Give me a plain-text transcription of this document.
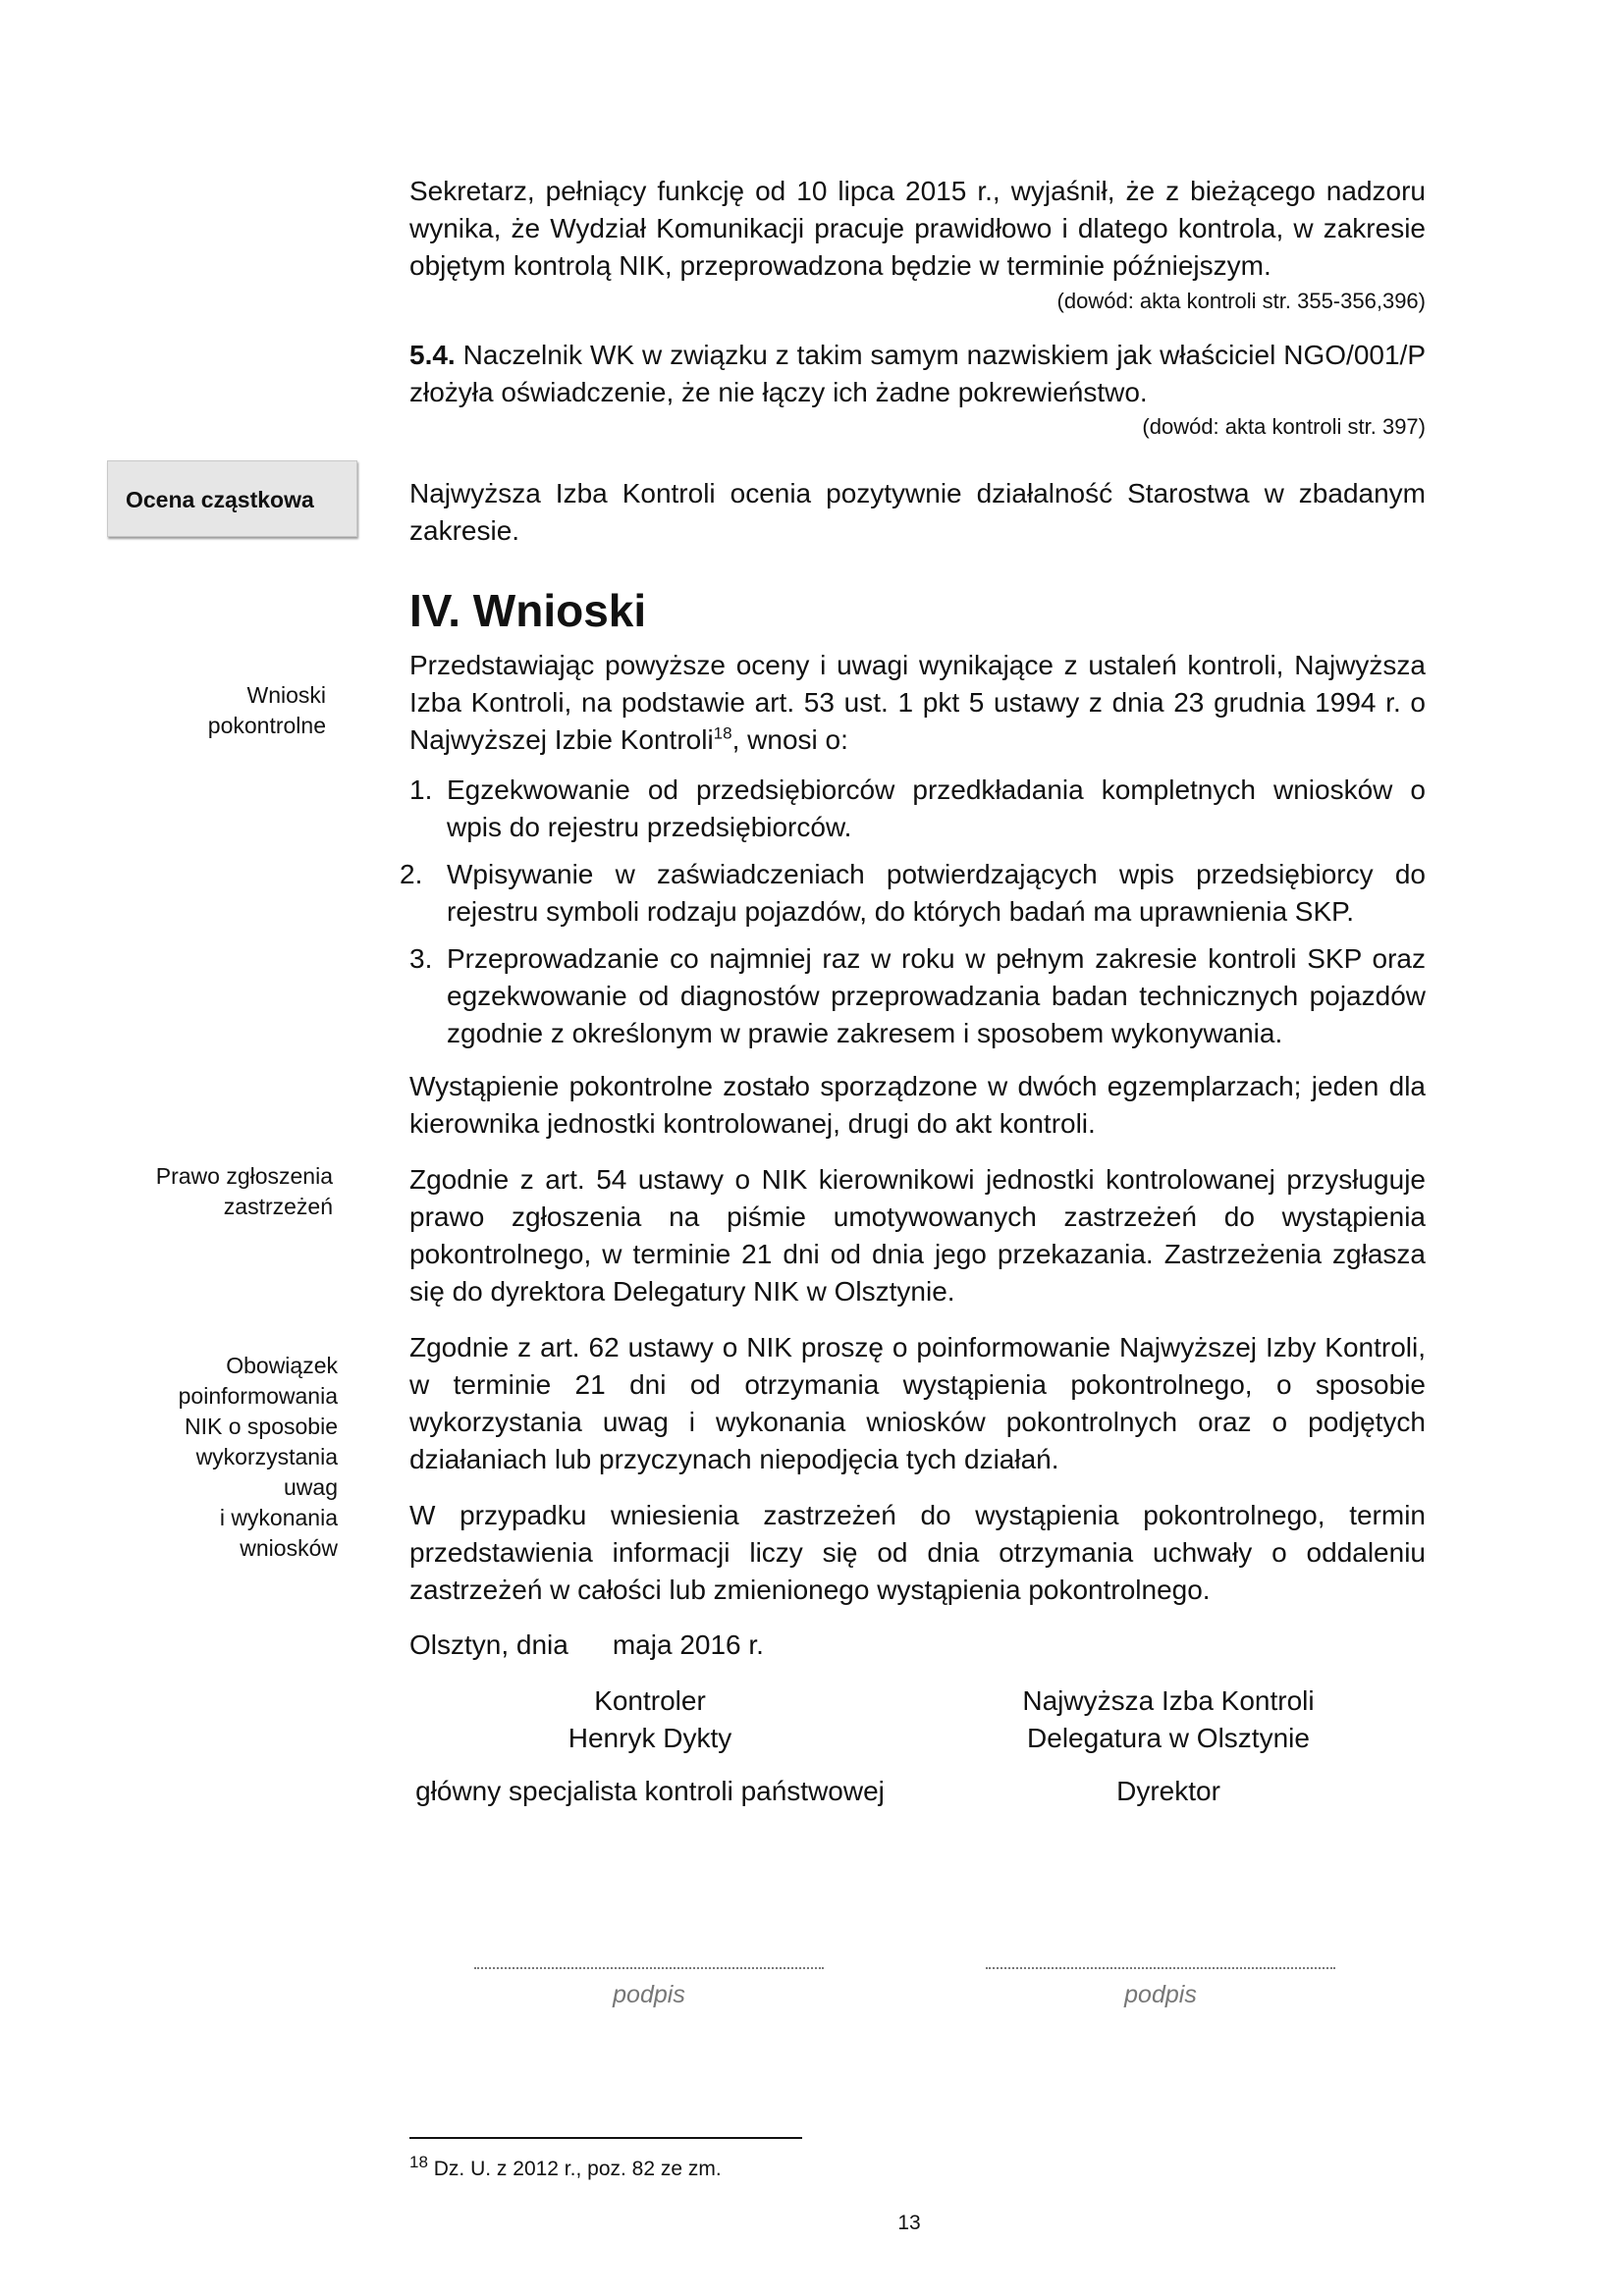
Sekretarz, pełniący funkcję od 10 lipca 2015 r., wyjaśnił, że z bieżącego nadzoru wynika, że Wydział Komunikacji pracuje prawidłowo i dlatego kontrola, w zakresie objętym kontrolą NIK, przeprowadzona będzie w terminie późniejszym.
(dowód: akta kontroli str. 355-356,396)
5.4. Naczelnik WK w związku z takim samym nazwiskiem jak właściciel NGO/001/P złożyła oświadczenie, że nie łączy ich żadne pokrewieństwo.
(dowód: akta kontroli str. 397)
Ocena cząstkowa	Najwyższa Izba Kontroli ocenia pozytywnie działalność Starostwa w zbadanym zakresie.
IV. Wnioski
Wnioski
pokontrolne
Prawo zgłoszenia
zastrzeżeń
Obowiązek
poinformowania
NIK o sposobie
wykorzystania
uwag
i wykonania
wniosków
Przedstawiając powyższe oceny i uwagi wynikające z ustaleń kontroli, Najwyższa Izba Kontroli, na podstawie art. 53 ust. 1 pkt 5 ustawy z dnia 23 grudnia 1994 r. o Najwyższej Izbie Kontroli$^{18}$, wnosi o:
1. Egzekwowanie od przedsiębiorców przedkładania kompletnych wniosków o wpis do rejestru przedsiębiorców.
2. Wpisywanie w zaświadczeniach potwierdzających wpis przedsiębiorcy do rejestru symboli rodzaju pojazdów, do których badań ma uprawnienia SKP.
3. Przeprowadzanie co najmniej raz w roku w pełnym zakresie kontroli SKP oraz egzekwowanie od diagnostów przeprowadzania badan technicznych pojazdów zgodnie z określonym w prawie zakresem i sposobem wykonywania.
Wystąpienie pokontrolne zostało sporządzone w dwóch egzemplarzach; jeden dla kierownika jednostki kontrolowanej, drugi do akt kontroli.
Zgodnie z art. 54 ustawy o NIK kierownikowi jednostki kontrolowanej przysługuje prawo zgłoszenia na piśmie umotywowanych zastrzeżeń do wystąpienia pokontrolnego, w terminie 21 dni od dnia jego przekazania. Zastrzeżenia zgłasza się do dyrektora Delegatury NIK w Olsztynie.
Zgodnie z art. 62 ustawy o NIK proszę o poinformowanie Najwyższej Izby Kontroli, w terminie 21 dni od otrzymania wystąpienia pokontrolnego, o sposobie wykorzystania uwag i wykonania wniosków pokontrolnych oraz o podjętych działaniach lub przyczynach niepodjęcia tych działań.
W przypadku wniesienia zastrzeżeń do wystąpienia pokontrolnego, termin przedstawienia informacji liczy się od dnia otrzymania uchwały o oddaleniu zastrzeżeń w całości lub zmienionego wystąpienia pokontrolnego.
Olsztyn, dnia maja 2016 r.
Kontroler
Henryk Dykty
główny specjalista kontroli państwowej
Najwyższa Izba Kontroli
Delegatura w Olsztynie
Dyrektor
podpis	podpis
$^{18}$ Dz. U. z 2012 r., poz. 82 ze zm.
13
